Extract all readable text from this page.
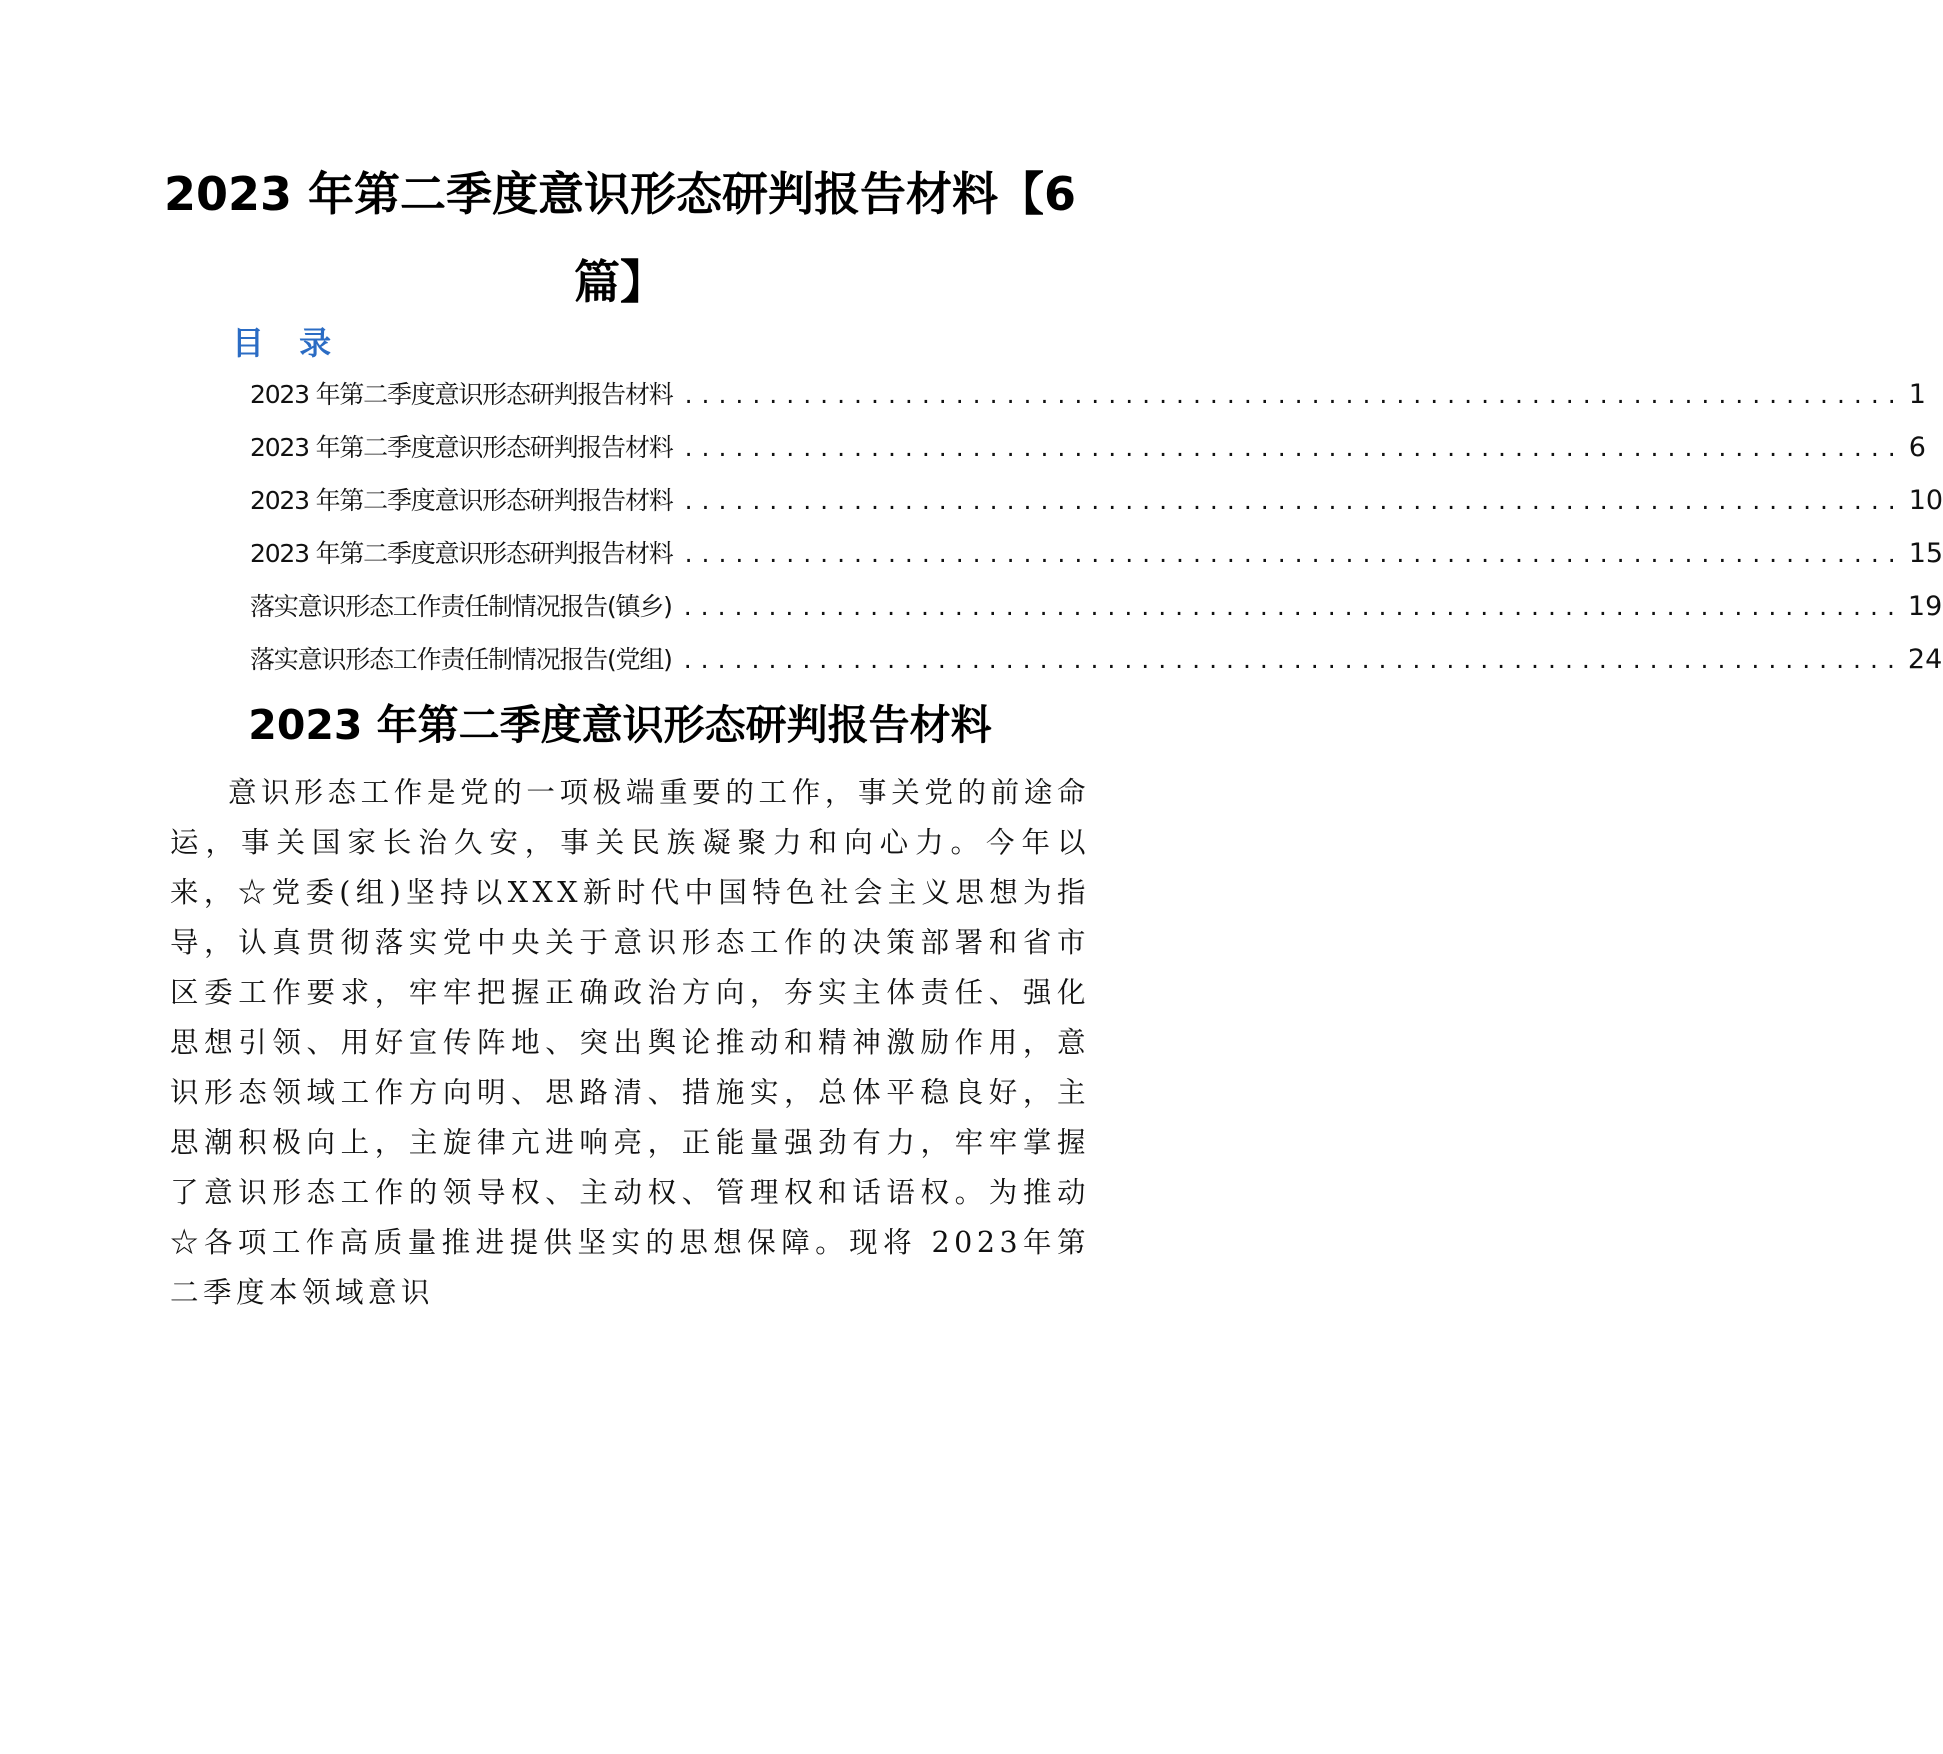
2023 年第二季度意识形态研判报告材料【6
篇】
目 录
2023 年第二季度意识形态研判报告材料 ........................................................................ 1
2023 年第二季度意识形态研判报告材料 ........................................................................ 6
2023 年第二季度意识形态研判报告材料 ........................................................................ 10
2023 年第二季度意识形态研判报告材料 ........................................................................ 15
落实意识形态工作责任制情况报告(镇乡) ........................................................................ 19
落实意识形态工作责任制情况报告(党组) ........................................................................ 24
2023 年第二季度意识形态研判报告材料

意识形态工作是党的一项极端重要的工作，事关党的前途命运，事关国家长治久安，事关民族凝聚力和向心力。今年以来，☆党委(组)坚持以XXX新时代中国特色社会主义思想为指导，认真贯彻落实党中央关于意识形态工作的决策部署和省市区委工作要求，牢牢把握正确政治方向，夯实主体责任、强化思想引领、用好宣传阵地、突出舆论推动和精神激励作用，意识形态领域工作方向明、思路清、措施实，总体平稳良好，主思潮积极向上，主旋律亢进响亮，正能量强劲有力，牢牢掌握了意识形态工作的领导权、主动权、管理权和话语权。为推动☆各项工作高质量推进提供坚实的思想保障。现将 2023年第二季度本领域意识
